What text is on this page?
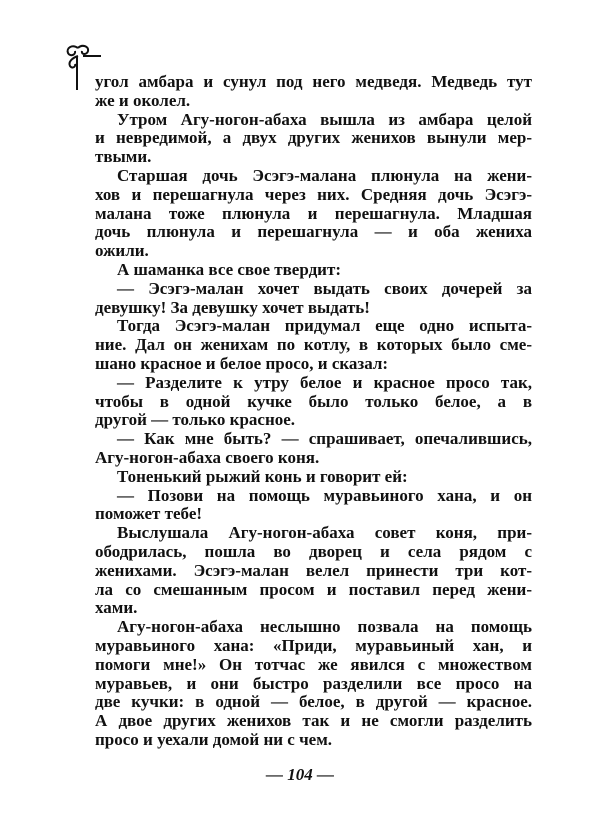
угол амбара и сунул под него медведя. Медведь тут
же и околел.
Утром Агу-ногон-абаха вышла из амбара целой
и невредимой, а двух других женихов вынули мер-
твыми.
Старшая дочь Эсэгэ-малана плюнула на жени-
хов и перешагнула через них. Средняя дочь Эсэгэ-
малана тоже плюнула и перешагнула. Младшая
дочь плюнула и перешагнула — и оба жениха
ожили.
А шаманка все свое твердит:
— Эсэгэ-малан хочет выдать своих дочерей за
девушку! За девушку хочет выдать!
Тогда Эсэгэ-малан придумал еще одно испыта-
ние. Дал он женихам по котлу, в которых было сме-
шано красное и белое просо, и сказал:
— Разделите к утру белое и красное просо так,
чтобы в одной кучке было только белое, а в
другой — только красное.
— Как мне быть? — спрашивает, опечалившись,
Агу-ногон-абаха своего коня.
Тоненький рыжий конь и говорит ей:
— Позови на помощь муравьиного хана, и он
поможет тебе!
Выслушала Агу-ногон-абаха совет коня, при-
ободрилась, пошла во дворец и села рядом с
женихами. Эсэгэ-малан велел принести три кот-
ла со смешанным просом и поставил перед жени-
хами.
Агу-ногон-абаха неслышно позвала на помощь
муравьиного хана: «Приди, муравьиный хан, и
помоги мне!» Он тотчас же явился с множеством
муравьев, и они быстро разделили все просо на
две кучки: в одной — белое, в другой — красное.
А двое других женихов так и не смогли разделить
просо и уехали домой ни с чем.
— 104 —
